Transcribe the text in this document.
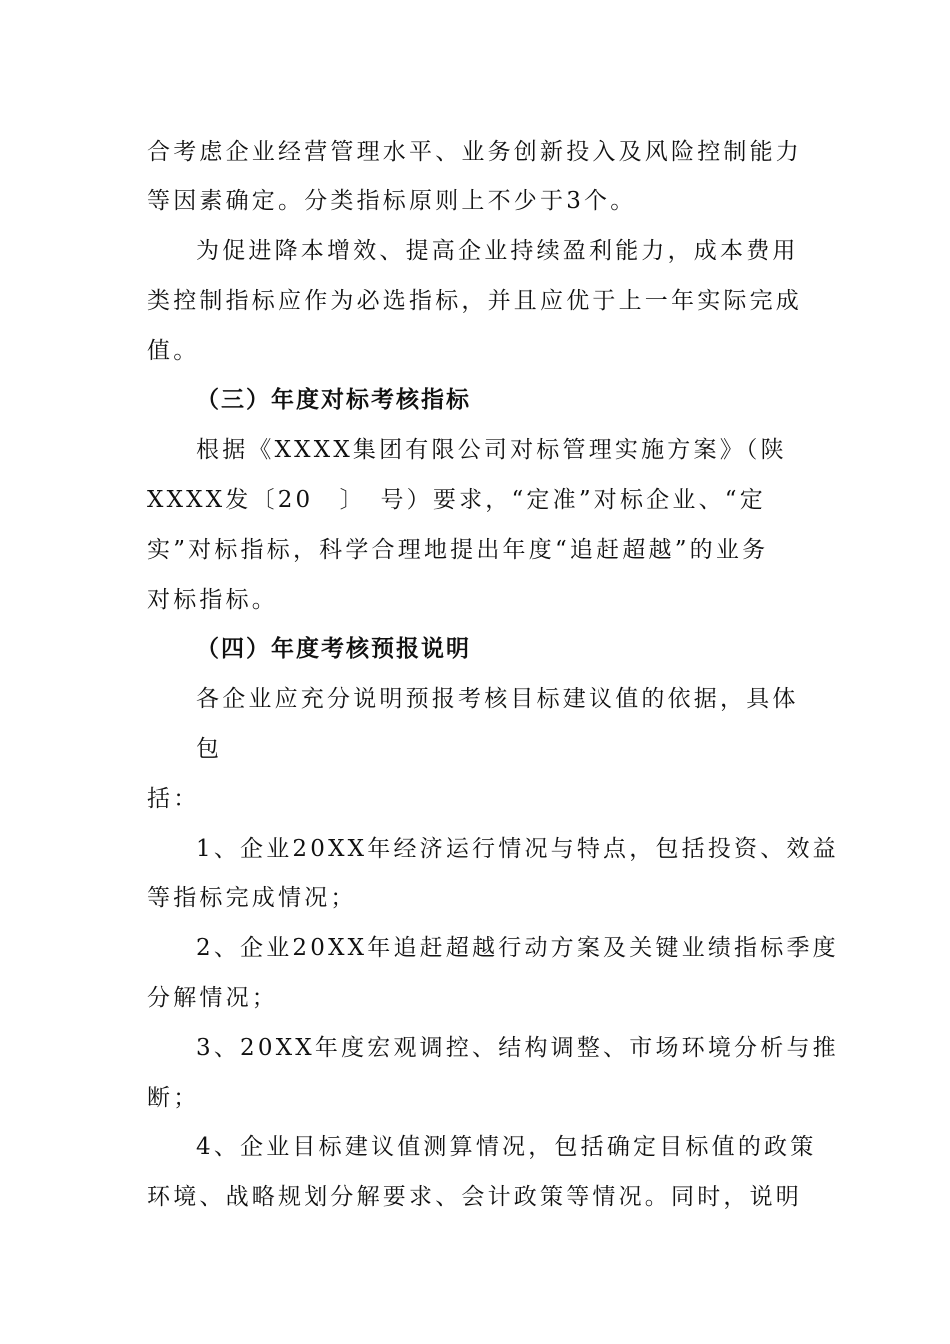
合考虑企业经营管理水平、业务创新投入及风险控制能力
等因素确定。分类指标原则上不少于3个。
为促进降本增效、提高企业持续盈利能力，成本费用
类控制指标应作为必选指标，并且应优于上一年实际完成
值。
（三）年度对标考核指标
根据《XXXX集团有限公司对标管理实施方案》（陕
XXXX发〔20　〕　号）要求，“定准”对标企业、“定
实”对标指标，科学合理地提出年度“追赶超越”的业务
对标指标。
（四）年度考核预报说明
各企业应充分说明预报考核目标建议值的依据，具体
包
括：
1、企业20XX年经济运行情况与特点，包括投资、效益
等指标完成情况；
2、企业20XX年追赶超越行动方案及关键业绩指标季度
分解情况；
3、20XX年度宏观调控、结构调整、市场环境分析与推
断；
4、企业目标建议值测算情况，包括确定目标值的政策
环境、战略规划分解要求、会计政策等情况。同时，说明
